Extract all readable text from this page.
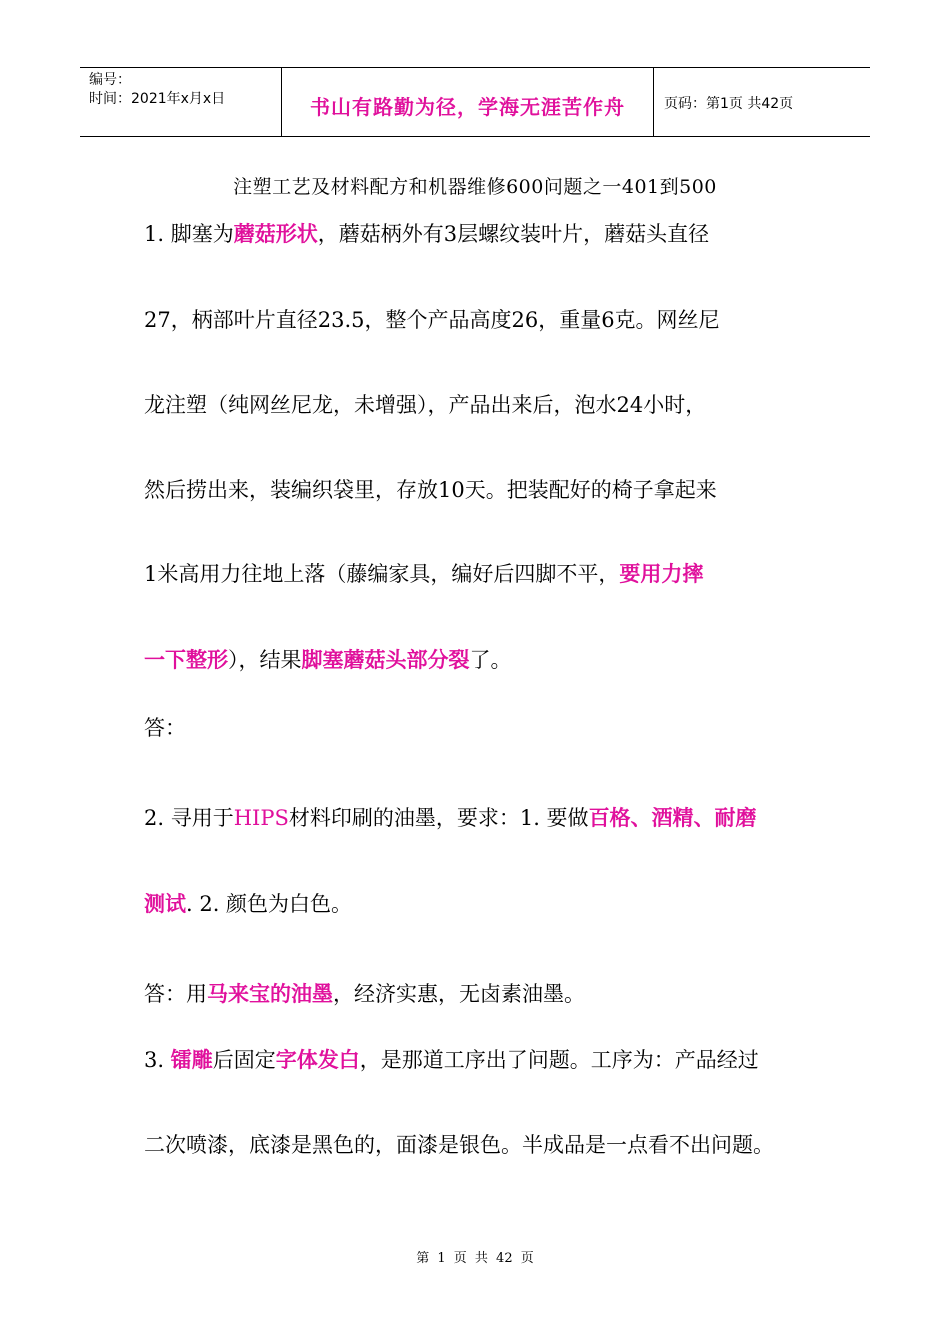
编号：
时间：2021年x月x日	书山有路勤为径，学海无涯苦作舟	页码：第1页 共42页
注塑工艺及材料配方和机器维修600问题之一401到500
1. 脚塞为蘑菇形状，蘑菇柄外有3层螺纹装叶片，蘑菇头直径
27，柄部叶片直径23.5，整个产品高度26，重量6克。网丝尼
龙注塑（纯网丝尼龙，未增强），产品出来后，泡水24小时，
然后捞出来，装编织袋里，存放10天。把装配好的椅子拿起来
1米高用力往地上落（藤编家具，编好后四脚不平，要用力摔
一下整形），结果脚塞蘑菇头部分裂了。
答：
2. 寻用于HIPS材料印刷的油墨，要求：1. 要做百格、酒精、耐磨
测试. 2. 颜色为白色。
答：用马来宝的油墨，经济实惠，无卤素油墨。
3. 镭雕后固定字体发白，是那道工序出了问题。工序为：产品经过
二次喷漆，底漆是黑色的，面漆是银色。半成品是一点看不出问题。
第 1 页 共 42 页
